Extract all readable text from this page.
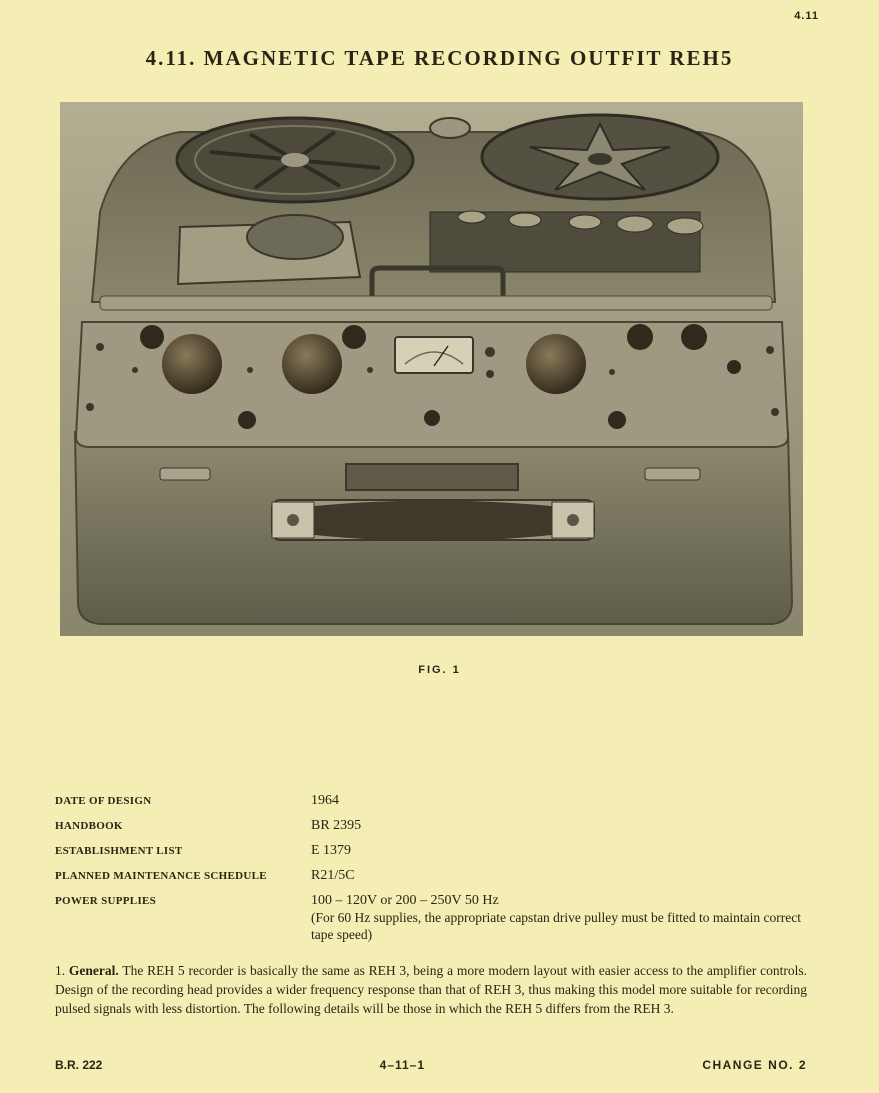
4.11
4.11. MAGNETIC TAPE RECORDING OUTFIT REH5
FIG. 1
DATE OF DESIGN	1964
HANDBOOK	BR 2395
ESTABLISHMENT LIST	E 1379
PLANNED MAINTENANCE SCHEDULE	R21/5C
POWER SUPPLIES	100 – 120V or 200 – 250V 50 Hz
(For 60 Hz supplies, the appropriate capstan drive pulley must be fitted to maintain correct tape speed)
1. General. The REH 5 recorder is basically the same as REH 3, being a more modern layout with easier access to the amplifier controls. Design of the recording head provides a wider frequency response than that of REH 3, thus making this model more suitable for recording pulsed signals with less distortion. The following details will be those in which the REH 5 differs from the REH 3.
B.R. 222	4–11–1	CHANGE NO. 2
